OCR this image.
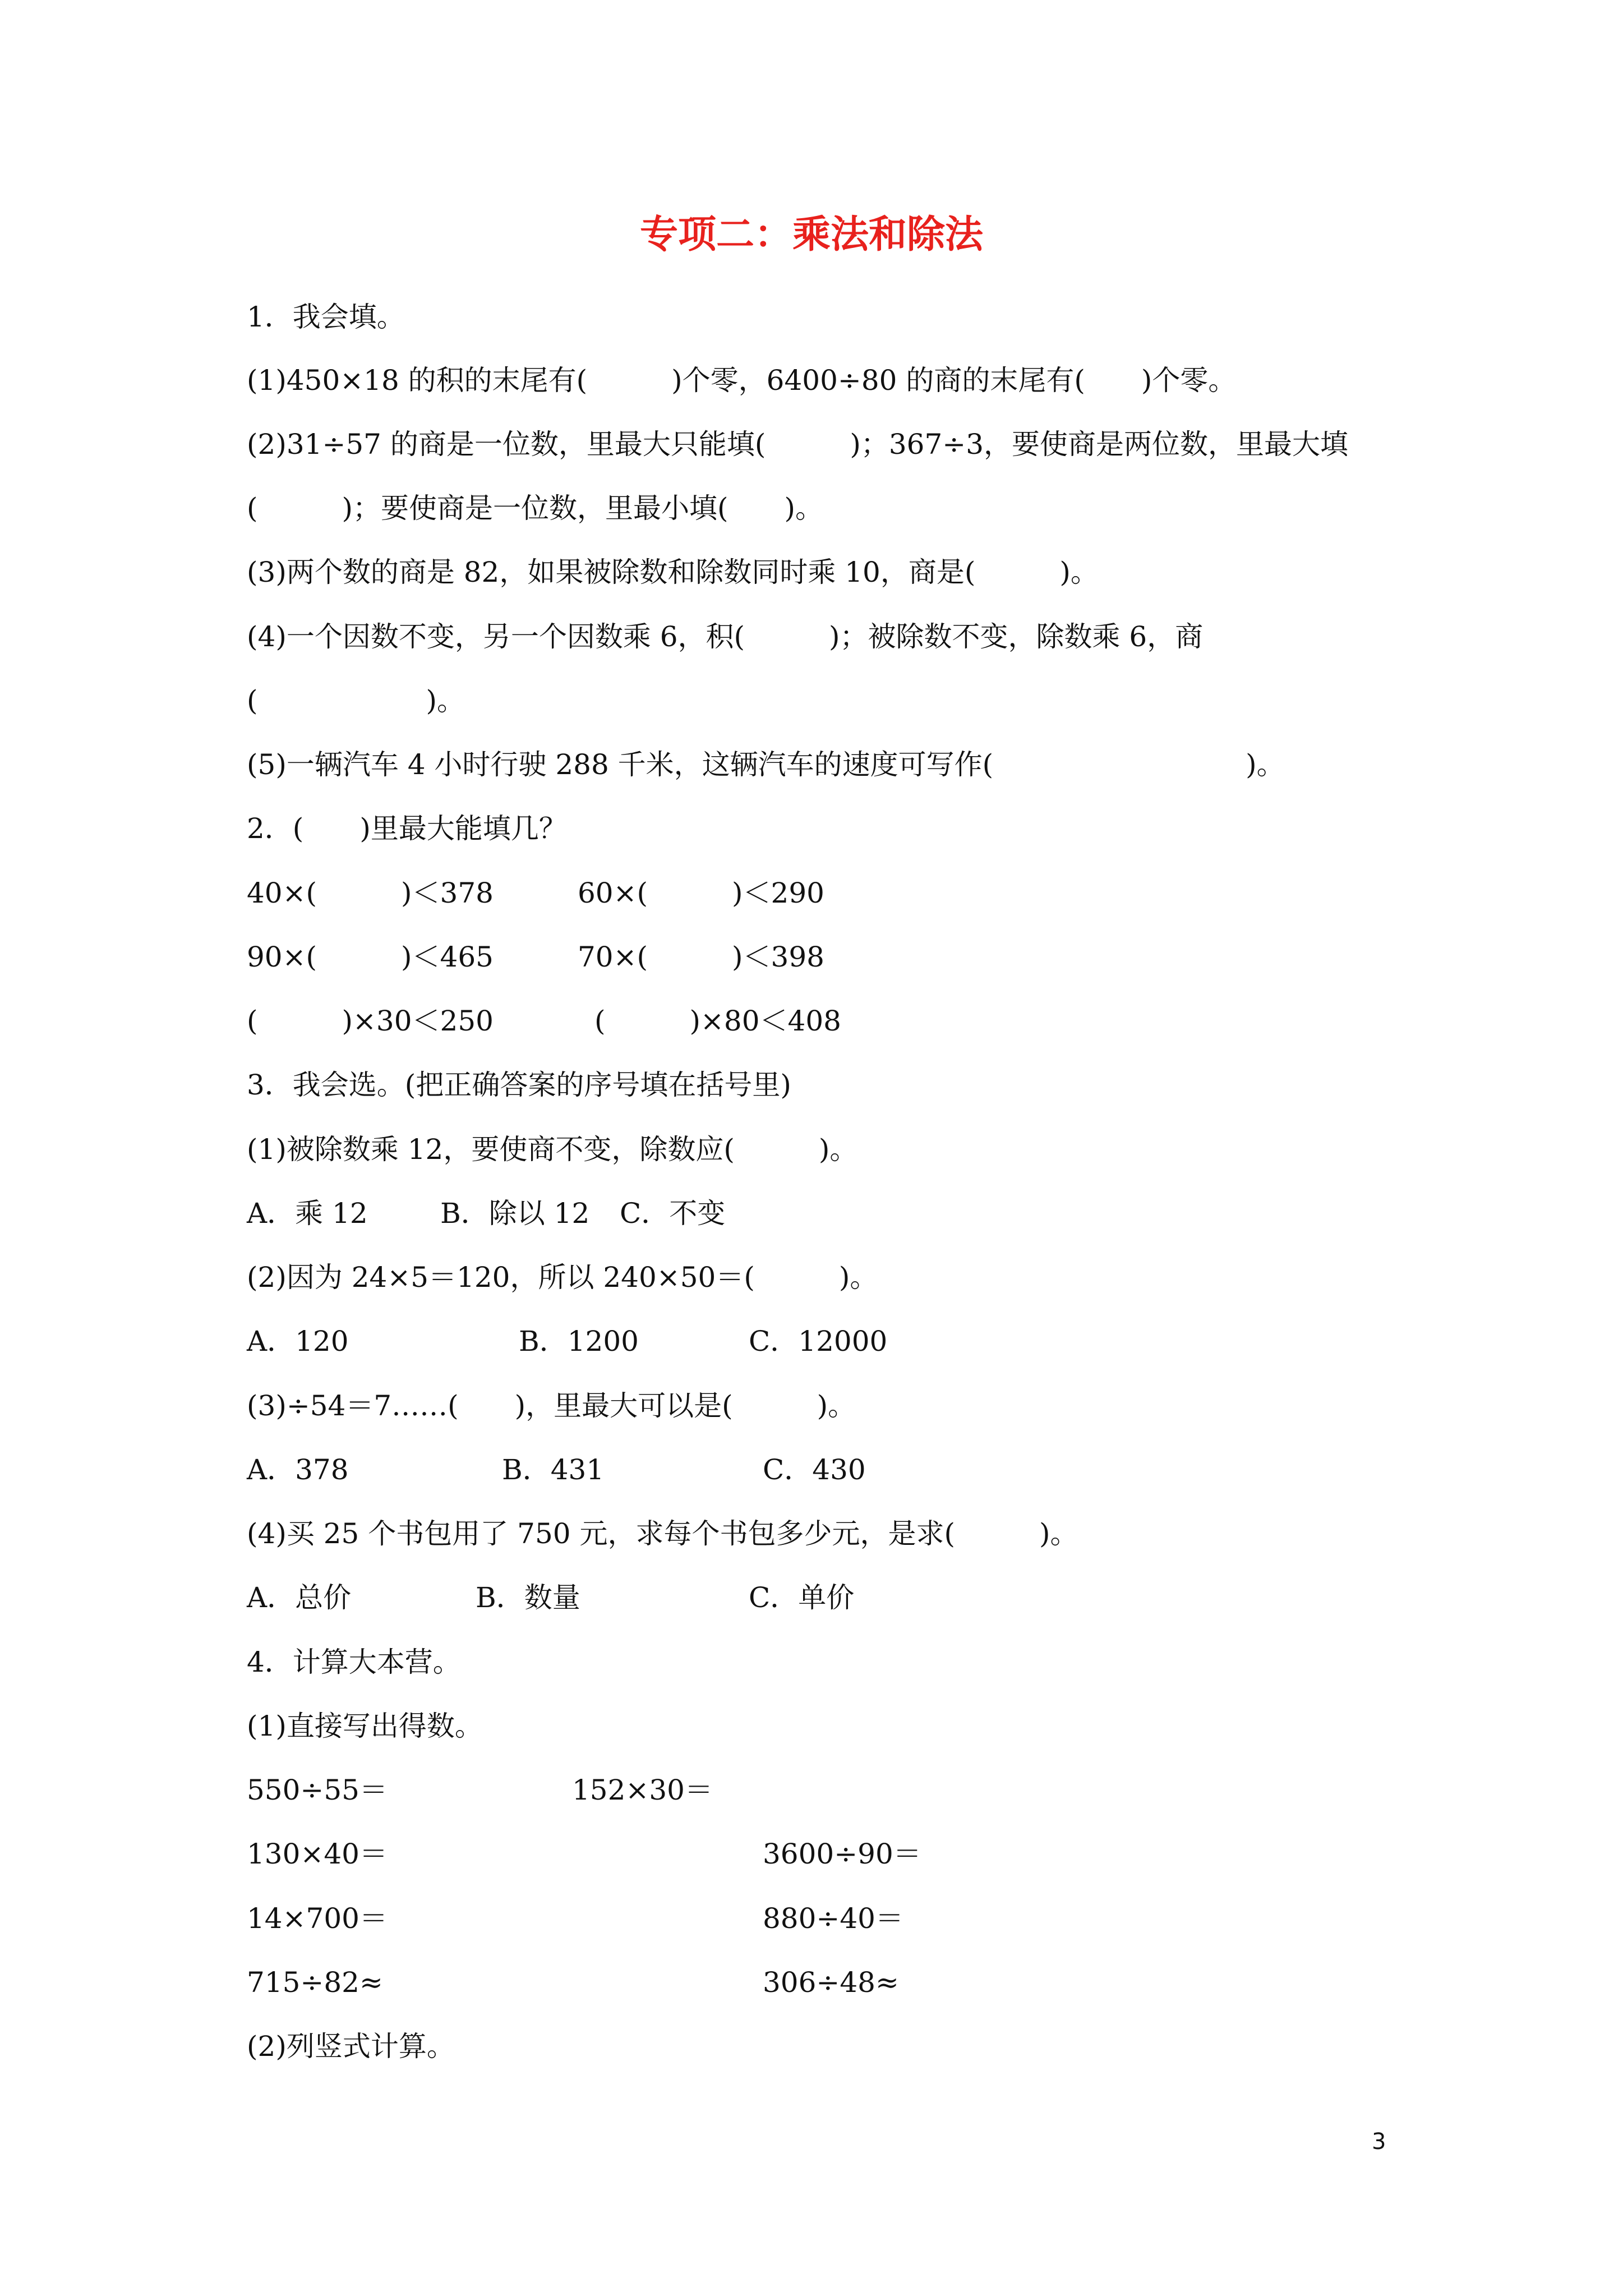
专项二：乘法和除法
1．我会填。
(1)450×18 的积的末尾有(　　　)个零，6400÷80 的商的末尾有(　　)个零。
(2)31÷57 的商是一位数，里最大只能填(　　　)；367÷3，要使商是两位数，里最大填
(　　　)；要使商是一位数，里最小填(　　)。
(3)两个数的商是 82，如果被除数和除数同时乘 10，商是(　　　)。
(4)一个因数不变，另一个因数乘 6，积(　　　)；被除数不变，除数乘 6，商
(　　　　　　)。
(5)一辆汽车 4 小时行驶 288 千米，这辆汽车的速度可写作(　　　　　　　　　)。
2．(　　)里最大能填几？
40×(　　　)＜378	60×(　　　)＜290
90×(　　　)＜465	70×(　　　)＜398
(　　　)×30＜250	(　　　)×80＜408
3．我会选。(把正确答案的序号填在括号里)
(1)被除数乘 12，要使商不变，除数应(　　　)。
A．乘 12	B．除以 12 C．不变
(2)因为 24×5＝120，所以 240×50＝(　　　)。
A．120	B．1200	C．12000
(3)÷54＝7……(　　)，里最大可以是(　　　)。
A．378	B．431	C．430
(4)买 25 个书包用了 750 元，求每个书包多少元，是求(　　　)。
A．总价	B．数量	C．单价
4．计算大本营。
(1)直接写出得数。
550÷55＝	152×30＝
130×40＝	3600÷90＝
14×700＝	880÷40＝
715÷82≈	306÷48≈
(2)列竖式计算。
3
